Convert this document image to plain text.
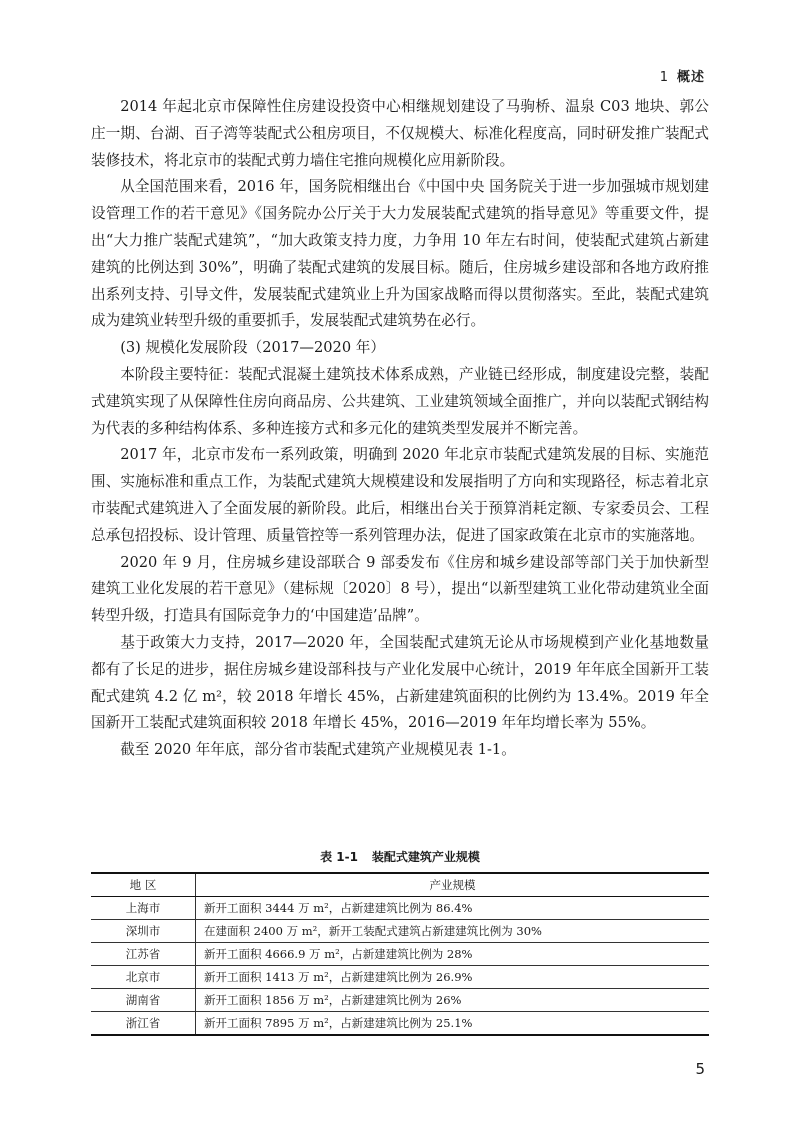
1 概述

2014 年起北京市保障性住房建设投资中心相继规划建设了马驹桥、温泉 C03 地块、郭公庄一期、台湖、百子湾等装配式公租房项目，不仅规模大、标准化程度高，同时研发推广装配式装修技术，将北京市的装配式剪力墙住宅推向规模化应用新阶段。

从全国范围来看，2016 年，国务院相继出台《中国中央 国务院关于进一步加强城市规划建设管理工作的若干意见》《国务院办公厅关于大力发展装配式建筑的指导意见》等重要文件，提出“大力推广装配式建筑”，“加大政策支持力度，力争用 10 年左右时间，使装配式建筑占新建建筑的比例达到 30%”，明确了装配式建筑的发展目标。随后，住房城乡建设部和各地方政府推出系列支持、引导文件，发展装配式建筑业上升为国家战略而得以贯彻落实。至此，装配式建筑成为建筑业转型升级的重要抓手，发展装配式建筑势在必行。

(3) 规模化发展阶段（2017—2020 年）

本阶段主要特征：装配式混凝土建筑技术体系成熟，产业链已经形成，制度建设完整，装配式建筑实现了从保障性住房向商品房、公共建筑、工业建筑领域全面推广，并向以装配式钢结构为代表的多种结构体系、多种连接方式和多元化的建筑类型发展并不断完善。

2017 年，北京市发布一系列政策，明确到 2020 年北京市装配式建筑发展的目标、实施范围、实施标准和重点工作，为装配式建筑大规模建设和发展指明了方向和实现路径，标志着北京市装配式建筑进入了全面发展的新阶段。此后，相继出台关于预算消耗定额、专家委员会、工程总承包招投标、设计管理、质量管控等一系列管理办法，促进了国家政策在北京市的实施落地。

2020 年 9 月，住房城乡建设部联合 9 部委发布《住房和城乡建设部等部门关于加快新型建筑工业化发展的若干意见》（建标规〔2020〕8 号），提出“以新型建筑工业化带动建筑业全面转型升级，打造具有国际竞争力的‘中国建造’品牌”。

基于政策大力支持，2017—2020 年，全国装配式建筑无论从市场规模到产业化基地数量都有了长足的进步，据住房城乡建设部科技与产业化发展中心统计，2019 年年底全国新开工装配式建筑 4.2 亿 m²，较 2018 年增长 45%，占新建建筑面积的比例约为 13.4%。2019 年全国新开工装配式建筑面积较 2018 年增长 45%，2016—2019 年年均增长率为 55%。

截至 2020 年年底，部分省市装配式建筑产业规模见表 1-1。

表 1-1 装配式建筑产业规模
地 区	产业规模
上海市	新开工面积 3444 万 m²，占新建建筑比例为 86.4%
深圳市	在建面积 2400 万 m²，新开工装配式建筑占新建建筑比例为 30%
江苏省	新开工面积 4666.9 万 m²，占新建建筑比例为 28%
北京市	新开工面积 1413 万 m²，占新建建筑比例为 26.9%
湖南省	新开工面积 1856 万 m²，占新建建筑比例为 26%
浙江省	新开工面积 7895 万 m²，占新建建筑比例为 25.1%
5
